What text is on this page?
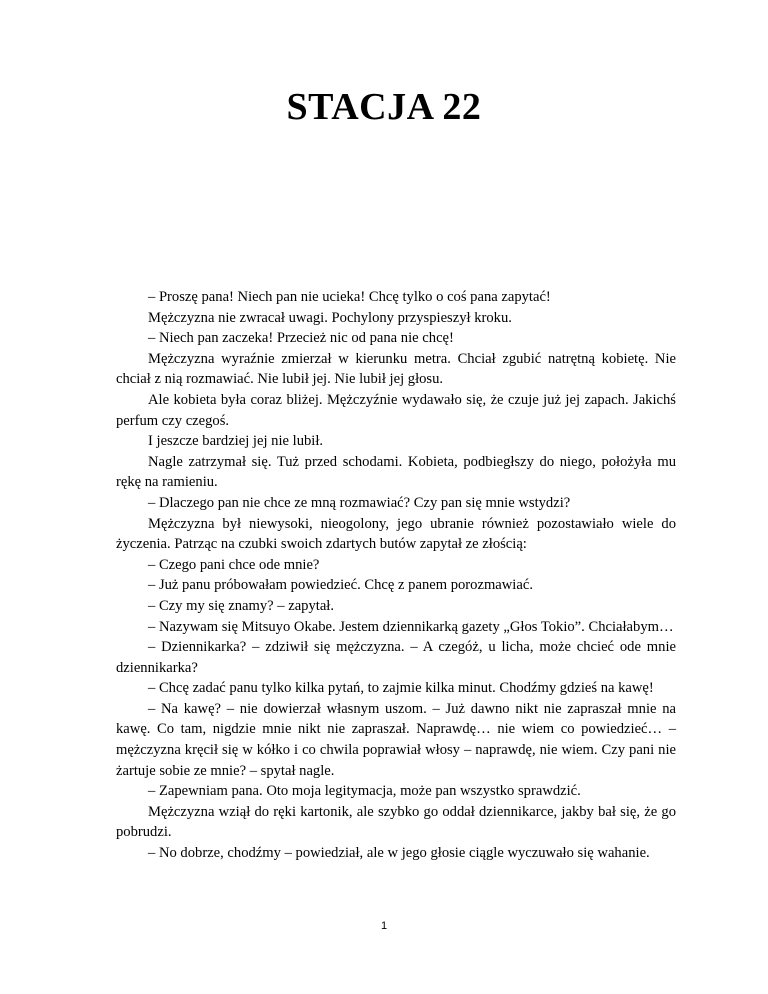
STACJA 22

– Proszę pana! Niech pan nie ucieka! Chcę tylko o coś pana zapytać!

Mężczyzna nie zwracał uwagi. Pochylony przyspieszył kroku.

– Niech pan zaczeka! Przecież nic od pana nie chcę!

Mężczyzna wyraźnie zmierzał w kierunku metra. Chciał zgubić natrętną kobietę. Nie chciał z nią rozmawiać. Nie lubił jej. Nie lubił jej głosu.

Ale kobieta była coraz bliżej. Mężczyźnie wydawało się, że czuje już jej zapach. Jakichś perfum czy czegoś.

I jeszcze bardziej jej nie lubił.

Nagle zatrzymał się. Tuż przed schodami. Kobieta, podbiegłszy do niego, położyła mu rękę na ramieniu.

– Dlaczego pan nie chce ze mną rozmawiać? Czy pan się mnie wstydzi?

Mężczyzna był niewysoki, nieogolony, jego ubranie również pozostawiało wiele do życzenia. Patrząc na czubki swoich zdartych butów zapytał ze złością:

– Czego pani chce ode mnie?

– Już panu próbowałam powiedzieć. Chcę z panem porozmawiać.

– Czy my się znamy? – zapytał.

– Nazywam się Mitsuyo Okabe. Jestem dziennikarką gazety „Głos Tokio”. Chciałabym…

– Dziennikarka? – zdziwił się mężczyzna. – A czegóż, u licha, może chcieć ode mnie dziennikarka?

– Chcę zadać panu tylko kilka pytań, to zajmie kilka minut. Chodźmy gdzieś na kawę!

– Na kawę? – nie dowierzał własnym uszom. – Już dawno nikt nie zapraszał mnie na kawę. Co tam, nigdzie mnie nikt nie zapraszał. Naprawdę… nie wiem co powiedzieć… – mężczyzna kręcił się w kółko i co chwila poprawiał włosy – naprawdę, nie wiem. Czy pani nie żartuje sobie ze mnie? – spytał nagle.

– Zapewniam pana. Oto moja legitymacja, może pan wszystko sprawdzić.

Mężczyzna wziął do ręki kartonik, ale szybko go oddał dziennikarce, jakby bał się, że go pobrudzi.

– No dobrze, chodźmy – powiedział, ale w jego głosie ciągle wyczuwało się wahanie.

1
